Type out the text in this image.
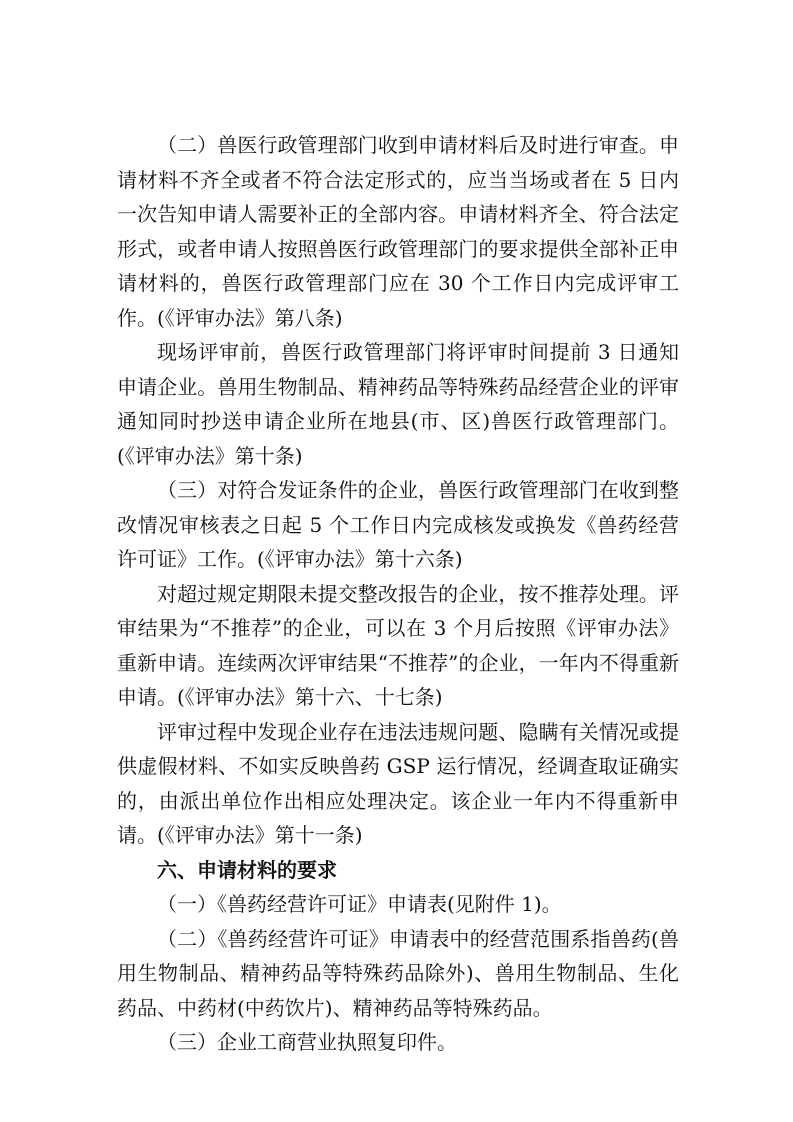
（二）兽医行政管理部门收到申请材料后及时进行审查。申请材料不齐全或者不符合法定形式的，应当当场或者在 5 日内一次告知申请人需要补正的全部内容。申请材料齐全、符合法定形式，或者申请人按照兽医行政管理部门的要求提供全部补正申请材料的，兽医行政管理部门应在 30 个工作日内完成评审工作。(《评审办法》第八条)

现场评审前，兽医行政管理部门将评审时间提前 3 日通知申请企业。兽用生物制品、精神药品等特殊药品经营企业的评审通知同时抄送申请企业所在地县(市、区)兽医行政管理部门。(《评审办法》第十条)

（三）对符合发证条件的企业，兽医行政管理部门在收到整改情况审核表之日起 5 个工作日内完成核发或换发《兽药经营许可证》工作。(《评审办法》第十六条)

对超过规定期限未提交整改报告的企业，按不推荐处理。评审结果为“不推荐”的企业，可以在 3 个月后按照《评审办法》重新申请。连续两次评审结果“不推荐”的企业，一年内不得重新申请。(《评审办法》第十六、十七条)

评审过程中发现企业存在违法违规问题、隐瞒有关情况或提供虚假材料、不如实反映兽药 GSP 运行情况，经调查取证确实的，由派出单位作出相应处理决定。该企业一年内不得重新申请。(《评审办法》第十一条)

六、申请材料的要求

（一）《兽药经营许可证》申请表(见附件 1)。

（二）《兽药经营许可证》申请表中的经营范围系指兽药(兽用生物制品、精神药品等特殊药品除外)、兽用生物制品、生化药品、中药材(中药饮片)、精神药品等特殊药品。

（三）企业工商营业执照复印件。
